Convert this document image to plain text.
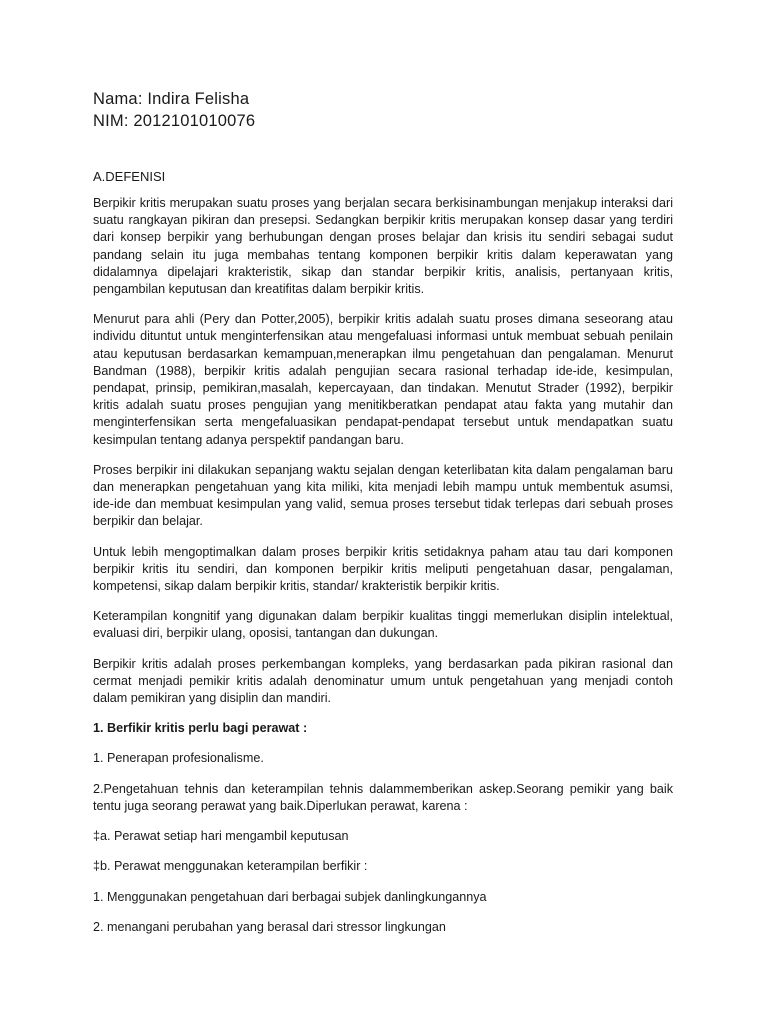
Nama: Indira Felisha

NIM: 2012101010076

A.DEFENISI

Berpikir kritis merupakan suatu proses yang berjalan secara berkisinambungan menjakup interaksi dari suatu rangkayan pikiran dan presepsi. Sedangkan berpikir kritis merupakan konsep dasar yang terdiri dari konsep berpikir yang berhubungan dengan proses belajar dan krisis itu sendiri sebagai sudut pandang selain itu juga membahas tentang komponen berpikir kritis dalam keperawatan yang didalamnya dipelajari krakteristik, sikap dan standar berpikir kritis, analisis, pertanyaan kritis, pengambilan keputusan dan kreatifitas dalam berpikir kritis.

Menurut para ahli (Pery dan Potter,2005), berpikir kritis adalah suatu proses dimana seseorang atau individu dituntut untuk menginterfensikan atau mengefaluasi informasi untuk membuat sebuah penilain atau keputusan berdasarkan kemampuan,menerapkan ilmu pengetahuan dan pengalaman. Menurut Bandman (1988), berpikir kritis adalah pengujian secara rasional terhadap ide-ide, kesimpulan, pendapat, prinsip, pemikiran,masalah, kepercayaan, dan tindakan. Menutut Strader (1992), berpikir kritis adalah suatu proses pengujian yang menitikberatkan pendapat atau fakta yang mutahir dan menginterfensikan serta mengefaluasikan pendapat-pendapat tersebut untuk mendapatkan suatu kesimpulan tentang adanya perspektif pandangan baru.

Proses berpikir ini dilakukan sepanjang waktu sejalan dengan keterlibatan kita dalam pengalaman baru dan menerapkan pengetahuan yang kita miliki, kita menjadi lebih mampu untuk membentuk asumsi, ide-ide dan membuat kesimpulan yang valid, semua proses tersebut tidak terlepas dari sebuah proses berpikir dan belajar.

Untuk lebih mengoptimalkan dalam proses berpikir kritis setidaknya paham atau tau dari komponen berpikir kritis itu sendiri, dan komponen berpikir kritis meliputi pengetahuan dasar, pengalaman, kompetensi, sikap dalam berpikir kritis, standar/ krakteristik berpikir kritis.

Keterampilan kongnitif yang digunakan dalam berpikir kualitas tinggi memerlukan disiplin intelektual, evaluasi diri, berpikir ulang, oposisi, tantangan dan dukungan.

Berpikir kritis adalah proses perkembangan kompleks, yang berdasarkan pada pikiran rasional dan cermat menjadi pemikir kritis adalah denominatur umum untuk pengetahuan yang menjadi contoh dalam pemikiran yang disiplin dan mandiri.

1. Berfikir kritis perlu bagi perawat :

1. Penerapan profesionalisme.

2.Pengetahuan tehnis dan keterampilan tehnis dalammemberikan askep.Seorang pemikir yang baik tentu juga seorang perawat yang baik.Diperlukan perawat, karena :

‡a. Perawat setiap hari mengambil keputusan

‡b. Perawat menggunakan keterampilan berfikir :

1. Menggunakan pengetahuan dari berbagai subjek danlingkungannya

2. menangani perubahan yang berasal dari stressor lingkungan
